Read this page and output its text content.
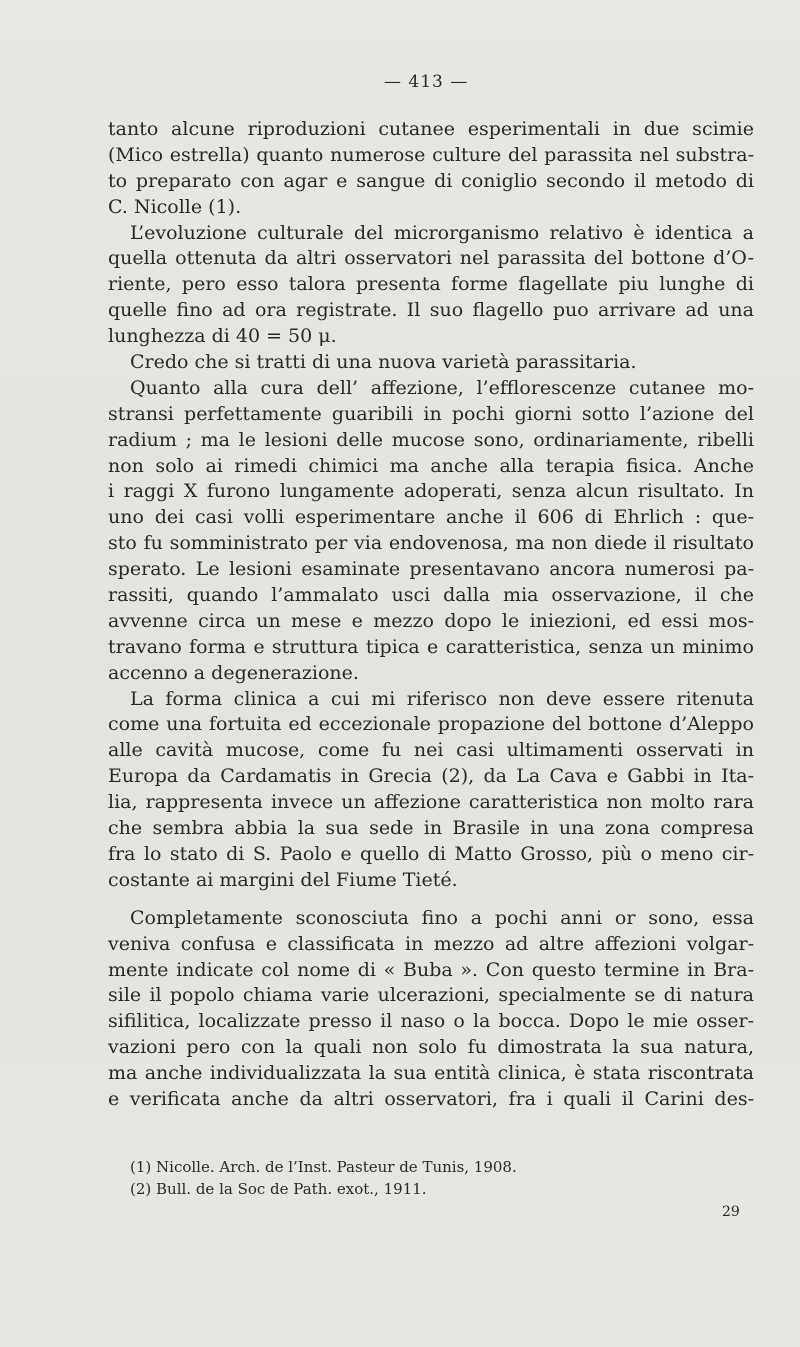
— 413 —
tanto alcune riproduzioni cutanee esperimentali in due scimie
(Mico estrella) quanto numerose culture del parassita nel substra-
to preparato con agar e sangue di coniglio secondo il metodo di
C. Nicolle (1).
L’evoluzione culturale del microrganismo relativo è identica a
quella ottenuta da altri osservatori nel parassita del bottone d’O-
riente, pero esso talora presenta forme flagellate piu lunghe di
quelle fino ad ora registrate. Il suo flagello puo arrivare ad una
lunghezza di 40 = 50 μ.
Credo che si tratti di una nuova varietà parassitaria.
Quanto alla cura dell’ affezione, l’efflorescenze cutanee mo-
stransi perfettamente guaribili in pochi giorni sotto l’azione del
radium ; ma le lesioni delle mucose sono, ordinariamente, ribelli
non solo ai rimedi chimici ma anche alla terapia fisica. Anche
i raggi X furono lungamente adoperati, senza alcun risultato. In
uno dei casi volli esperimentare anche il 606 di Ehrlich : que-
sto fu somministrato per via endovenosa, ma non diede il risultato
sperato. Le lesioni esaminate presentavano ancora numerosi pa-
rassiti, quando l’ammalato usci dalla mia osservazione, il che
avvenne circa un mese e mezzo dopo le iniezioni, ed essi mos-
travano forma e struttura tipica e caratteristica, senza un minimo
accenno a degenerazione.
La forma clinica a cui mi riferisco non deve essere ritenuta
come una fortuita ed eccezionale propazione del bottone d’Aleppo
alle cavità mucose, come fu nei casi ultimamenti osservati in
Europa da Cardamatis in Grecia (2), da La Cava e Gabbi in Ita-
lia, rappresenta invece un affezione caratteristica non molto rara
che sembra abbia la sua sede in Brasile in una zona compresa
fra lo stato di S. Paolo e quello di Matto Grosso, più o meno cir-
costante ai margini del Fiume Tieté.
Completamente sconosciuta fino a pochi anni or sono, essa
veniva confusa e classificata in mezzo ad altre affezioni volgar-
mente indicate col nome di « Buba ». Con questo termine in Bra-
sile il popolo chiama varie ulcerazioni, specialmente se di natura
sifilitica, localizzate presso il naso o la bocca. Dopo le mie osser-
vazioni pero con la quali non solo fu dimostrata la sua natura,
ma anche individualizzata la sua entità clinica, è stata riscontrata
e verificata anche da altri osservatori, fra i quali il Carini des-
(1) Nicolle. Arch. de l’Inst. Pasteur de Tunis, 1908.
(2) Bull. de la Soc de Path. exot., 1911.
29
